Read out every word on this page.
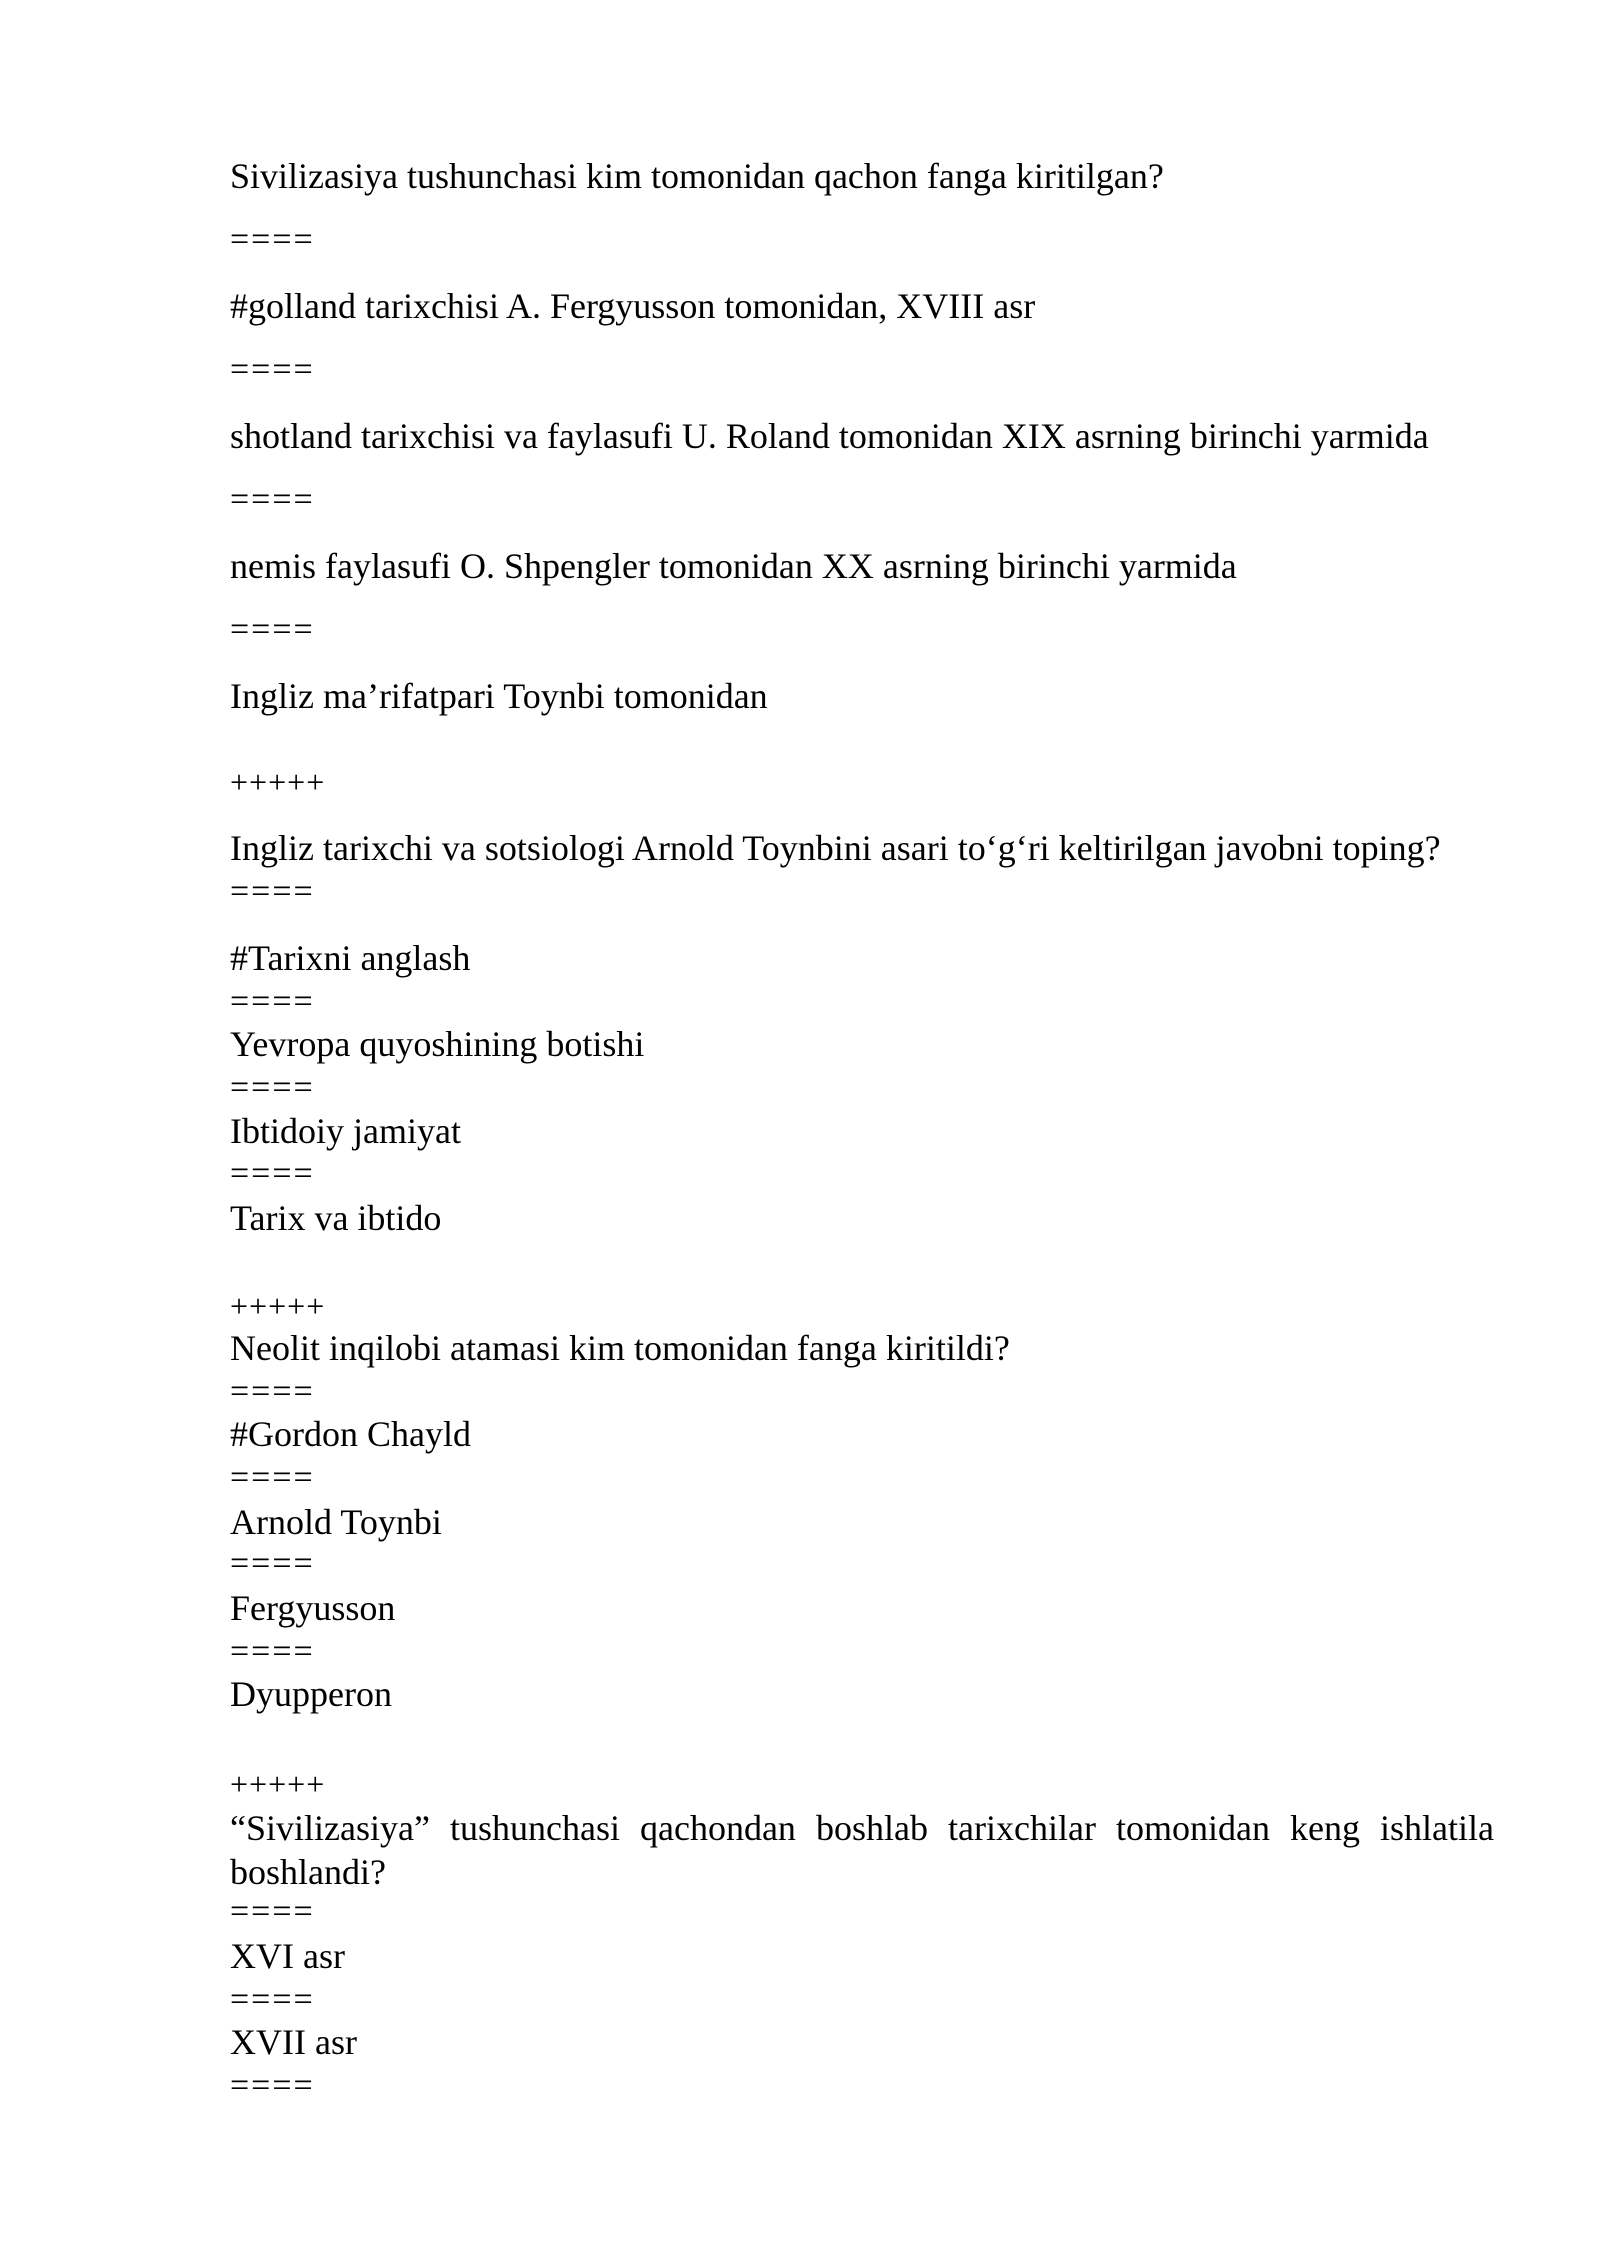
Sivilizasiya tushunchasi kim tomonidan qachon fanga kiritilgan?

====

#golland tarixchisi A. Fergyusson tomonidan, XVIII asr

====

shotland tarixchisi va faylasufi U. Roland tomonidan XIX asrning birinchi yarmida

====

nemis faylasufi O. Shpengler tomonidan XX asrning birinchi yarmida

====

Ingliz ma’rifatpari Toynbi tomonidan

+++++

Ingliz tarixchi va sotsiologi Arnold Toynbini asari to‘g‘ri keltirilgan javobni toping?

====

#Tarixni anglash

====

Yevropa quyoshining botishi

====

Ibtidoiy jamiyat

====

Tarix va ibtido

+++++

Neolit inqilobi atamasi kim tomonidan fanga kiritildi?

====

#Gordon Chayld

====

Arnold Toynbi

====

Fergyusson

====

Dyupperon

+++++

“Sivilizasiya” tushunchasi qachondan boshlab tarixchilar tomonidan keng ishlatila boshlandi?

====

XVI asr

====

XVII asr

====
